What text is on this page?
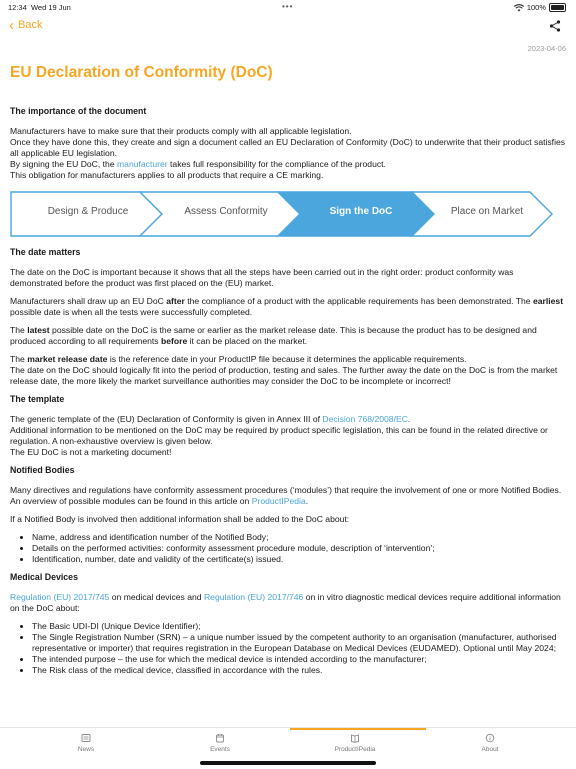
12:34 Wed 19 Jun	•••	100%
‹ Back
2023-04-06
EU Declaration of Conformity (DoC)
The importance of the document

Manufacturers have to make sure that their products comply with all applicable legislation.

Once they have done this, they create and sign a document called an EU Declaration of Conformity (DoC) to underwrite that their product satisfies all applicable EU legislation.

By signing the EU DoC, the manufacturer takes full responsibility for the compliance of the product.

This obligation for manufacturers applies to all products that require a CE marking.

Design & Produce	Assess Conformity	Sign the DoC	Place on Market
The date matters

The date on the DoC is important because it shows that all the steps have been carried out in the right order: product conformity was demonstrated before the product was first placed on the (EU) market.

Manufacturers shall draw up an EU DoC after the compliance of a product with the applicable requirements has been demonstrated. The earliest possible date is when all the tests were successfully completed.

The latest possible date on the DoC is the same or earlier as the market release date. This is because the product has to be designed and produced according to all requirements before it can be placed on the market.

The market release date is the reference date in your ProductIP file because it determines the applicable requirements.

The date on the DoC should logically fit into the period of production, testing and sales. The further away the date on the DoC is from the market release date, the more likely the market surveillance authorities may consider the DoC to be incomplete or incorrect!

The template

The generic template of the (EU) Declaration of Conformity is given in Annex III of Decision 768/2008/EC.

Additional information to be mentioned on the DoC may be required by product specific legislation, this can be found in the related directive or regulation. A non-exhaustive overview is given below.

The EU DoC is not a marketing document!

Notified Bodies

Many directives and regulations have conformity assessment procedures (‘modules’) that require the involvement of one or more Notified Bodies. An overview of possible modules can be found in this article on ProductIPedia.

If a Notified Body is involved then additional information shall be added to the DoC about:

• Name, address and identification number of the Notified Body;
• Details on the performed activities: conformity assessment procedure module, description of ‘intervention’;
• Identification, number, date and validity of the certificate(s) issued.
Medical Devices

Regulation (EU) 2017/745 on medical devices and Regulation (EU) 2017/746 on in vitro diagnostic medical devices require additional information on the DoC about:

• The Basic UDI-DI (Unique Device Identifier);
• The Single Registration Number (SRN) – a unique number issued by the competent authority to an organisation (manufacturer, authorised representative or importer) that requires registration in the European Database on Medical Devices (EUDAMED). Optional until May 2024;
• The intended purpose – the use for which the medical device is intended according to the manufacturer;
• The Risk class of the medical device, classified in accordance with the rules.
News	Events	ProductIPedia	About
